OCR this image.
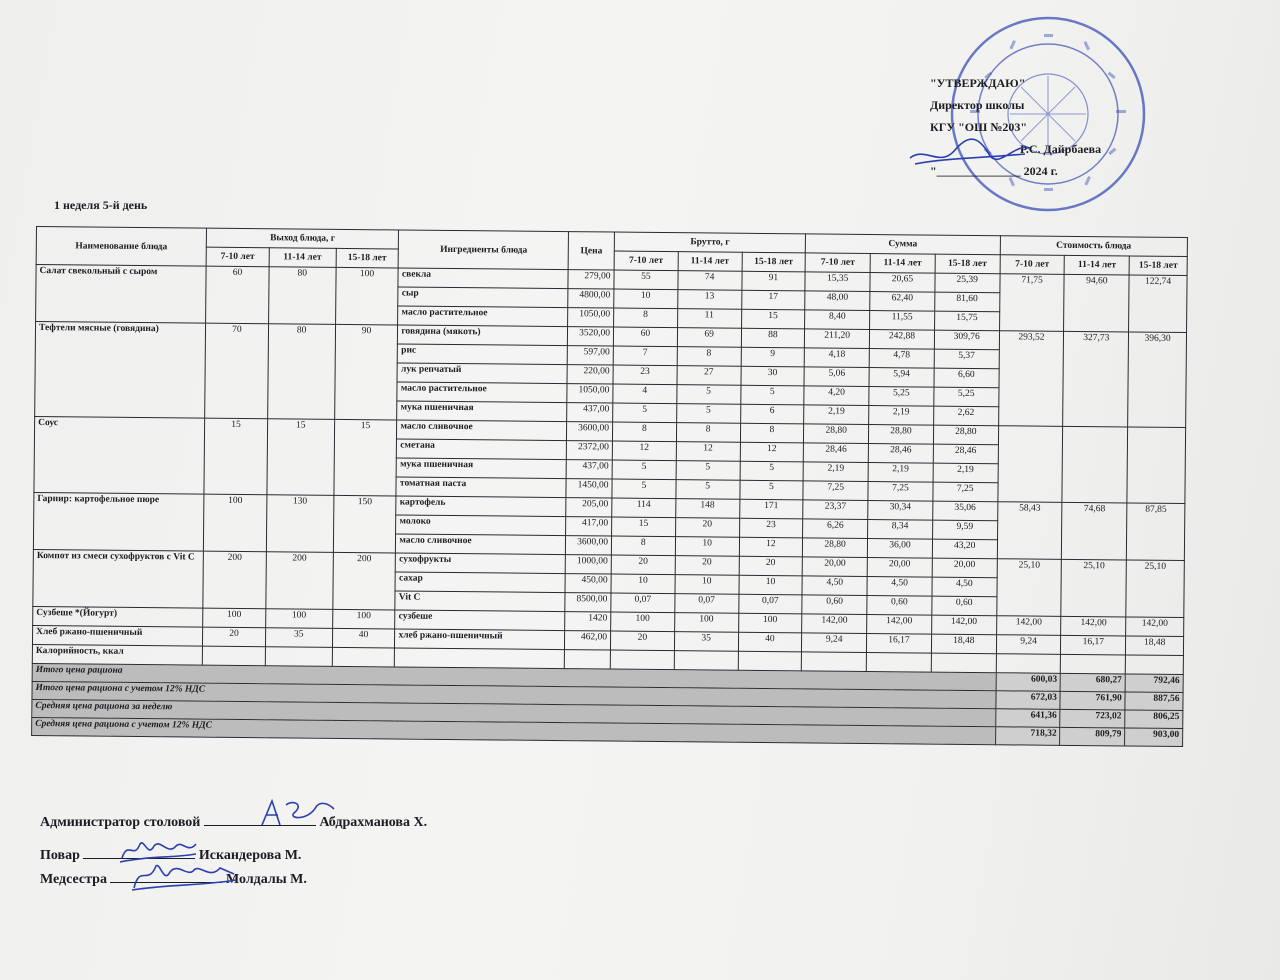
"УТВЕРЖДАЮ"
Директор школы
КГУ "ОШ №203"
Р.С. Дайрбаева
"______________ 2024 г.
1 неделя 5-й день
Наименование блюда	Выход блюда, г			Ингредиенты блюда	Цена	Брутто, г			Сумма			Стоимость блюда		
	7-10 лет	11-14 лет	15-18 лет			7-10 лет	11-14 лет	15-18 лет	7-10 лет	11-14 лет	15-18 лет	7-10 лет	11-14 лет	15-18 лет
Салат свекольный с сыром	60	80	100	свекла	279,00	55	74	91	15,35	20,65	25,39	71,75	94,60	122,74
				сыр	4800,00	10	13	17	48,00	62,40	81,60			
				масло растительное	1050,00	8	11	15	8,40	11,55	15,75			
Тефтели мясные (говядина)	70	80	90	говядина (мякоть)	3520,00	60	69	88	211,20	242,88	309,76	293,52	327,73	396,30
				рис	597,00	7	8	9	4,18	4,78	5,37			
				лук репчатый	220,00	23	27	30	5,06	5,94	6,60			
				масло растительное	1050,00	4	5	5	4,20	5,25	5,25			
				мука пшеничная	437,00	5	5	6	2,19	2,19	2,62			
Соус	15	15	15	масло сливочное	3600,00	8	8	8	28,80	28,80	28,80			
				сметана	2372,00	12	12	12	28,46	28,46	28,46			
				мука пшеничная	437,00	5	5	5	2,19	2,19	2,19			
				томатная паста	1450,00	5	5	5	7,25	7,25	7,25			
Гарнир: картофельное пюре	100	130	150	картофель	205,00	114	148	171	23,37	30,34	35,06	58,43	74,68	87,85
				молоко	417,00	15	20	23	6,26	8,34	9,59			
				масло сливочное	3600,00	8	10	12	28,80	36,00	43,20			
Компот из смеси сухофруктов с Vit C	200	200	200	сухофрукты	1000,00	20	20	20	20,00	20,00	20,00	25,10	25,10	25,10
				сахар	450,00	10	10	10	4,50	4,50	4,50			
				Vit C	8500,00	0,07	0,07	0,07	0,60	0,60	0,60			
Сузбеше *(Йогурт)	100	100	100	сузбеше	1420	100	100	100	142,00	142,00	142,00	142,00	142,00	142,00
Хлеб ржано-пшеничный	20	35	40	хлеб ржано-пшеничный	462,00	20	35	40	9,24	16,17	18,48	9,24	16,17	18,48
Калорийность, ккал														
Итого цена рациона												600,03	680,27	792,46
Итого цена рациона с учетом 12% НДС												672,03	761,90	887,56
Средняя цена рациона за неделю												641,36	723,02	806,25
Средняя цена рациона с учетом 12% НДС												718,32	809,79	903,00
Администратор столовой	Абдрахманова Х.
Повар	Искандерова М.
Медсестра	Молдалы М.
